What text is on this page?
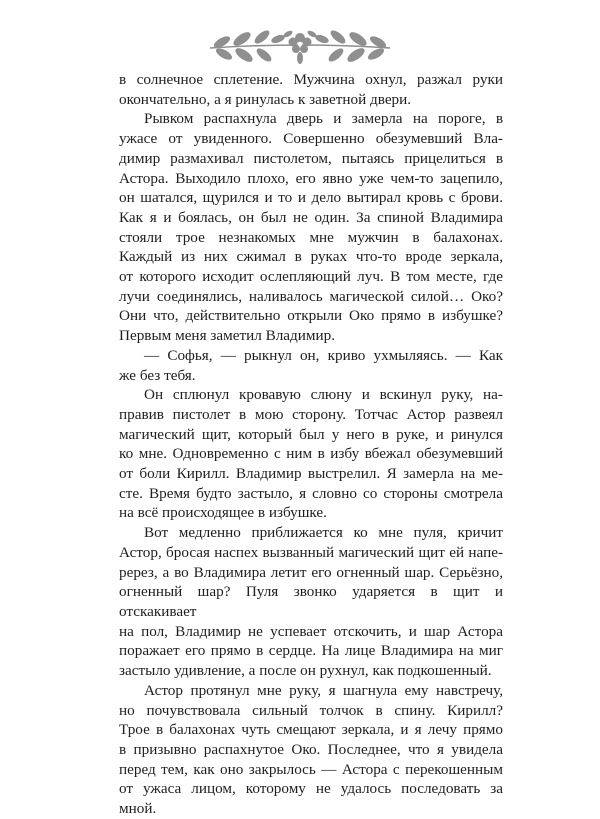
в солнечное сплетение. Мужчина охнул, разжал руки
окончательно, а я ринулась к заветной двери.

Рывком распахнула дверь и замерла на пороге, в
ужасе от увиденного. Совершенно обезумевший Вла-
димир размахивал пистолетом, пытаясь прицелиться в
Астора. Выходило плохо, его явно уже чем-то зацепило,
он шатался, щурился и то и дело вытирал кровь с брови.
Как я и боялась, он был не один. За спиной Владимира
стояли трое незнакомых мне мужчин в балахонах.
Каждый из них сжимал в руках что-то вроде зеркала,
от которого исходит ослепляющий луч. В том месте, где
лучи соединялись, наливалось магической силой… Око?
Они что, действительно открыли Око прямо в избушке?
Первым меня заметил Владимир.

— Софья, — рыкнул он, криво ухмыляясь. — Как
же без тебя.

Он сплюнул кровавую слюну и вскинул руку, на-
правив пистолет в мою сторону. Тотчас Астор развеял
магический щит, который был у него в руке, и ринулся
ко мне. Одновременно с ним в избу вбежал обезумевший
от боли Кирилл. Владимир выстрелил. Я замерла на ме-
сте. Время будто застыло, я словно со стороны смотрела
на всё происходящее в избушке.

Вот медленно приближается ко мне пуля, кричит
Астор, бросая наспех вызванный магический щит ей напе-
ререз, а во Владимира летит его огненный шар. Серьёзно,
огненный шар? Пуля звонко ударяется в щит и отскакивает
на пол, Владимир не успевает отскочить, и шар Астора
поражает его прямо в сердце. На лице Владимира на миг
застыло удивление, а после он рухнул, как подкошенный.

Астор протянул мне руку, я шагнула ему навстречу,
но почувствовала сильный толчок в спину. Кирилл?
Трое в балахонах чуть смещают зеркала, и я лечу прямо
в призывно распахнутое Око. Последнее, что я увидела
перед тем, как оно закрылось — Астора с перекошенным
от ужаса лицом, которому не удалось последовать за
мной.
